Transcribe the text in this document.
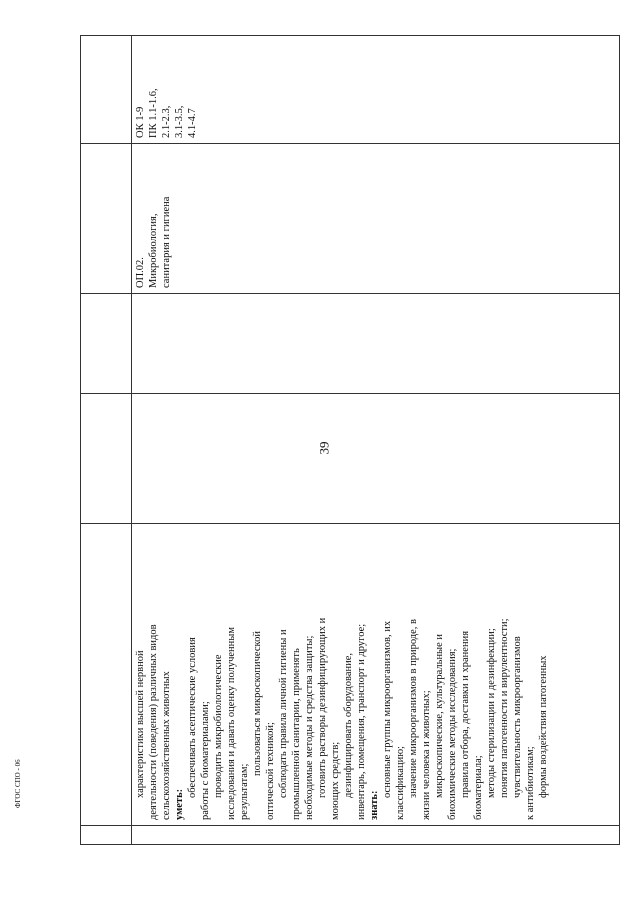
характеристики высшей нервной деятельности (поведения) различных видов сельскохозяйственных животных уметь:
обеспечивать асептические условия работы с биоматериалами; проводить микробиологические исследования и давать оценку полученным результатам;
пользоваться микроскопической оптической техникой; соблюдать правила личной гигиены и промышленной санитарии, применять необходимые методы и средства защиты; готовить растворы дезинфицирующих и моющих средств; дезинфицировать оборудование, инвентарь, помещения, транспорт и другое; знать:
основные группы микроорганизмов, их классификацию; значение микроорганизмов в природе, в жизни человека и животных; микроскопические, культуральные и биохимические методы исследования; правила отбора, доставки и хранения биоматериала; методы стерилизации и дезинфекции; понятия патогенности и вирулентности; чувствительность микроорганизмов к антибиотикам; формы воздействия патогенных
ОП.02. Микробиология, санитария и гигиена
ОК 1-9 ПК 1.1-1.6, 2.1-2.3, 3.1-3.5, 4.1-4.7
39
ФГОС СПО - 06
